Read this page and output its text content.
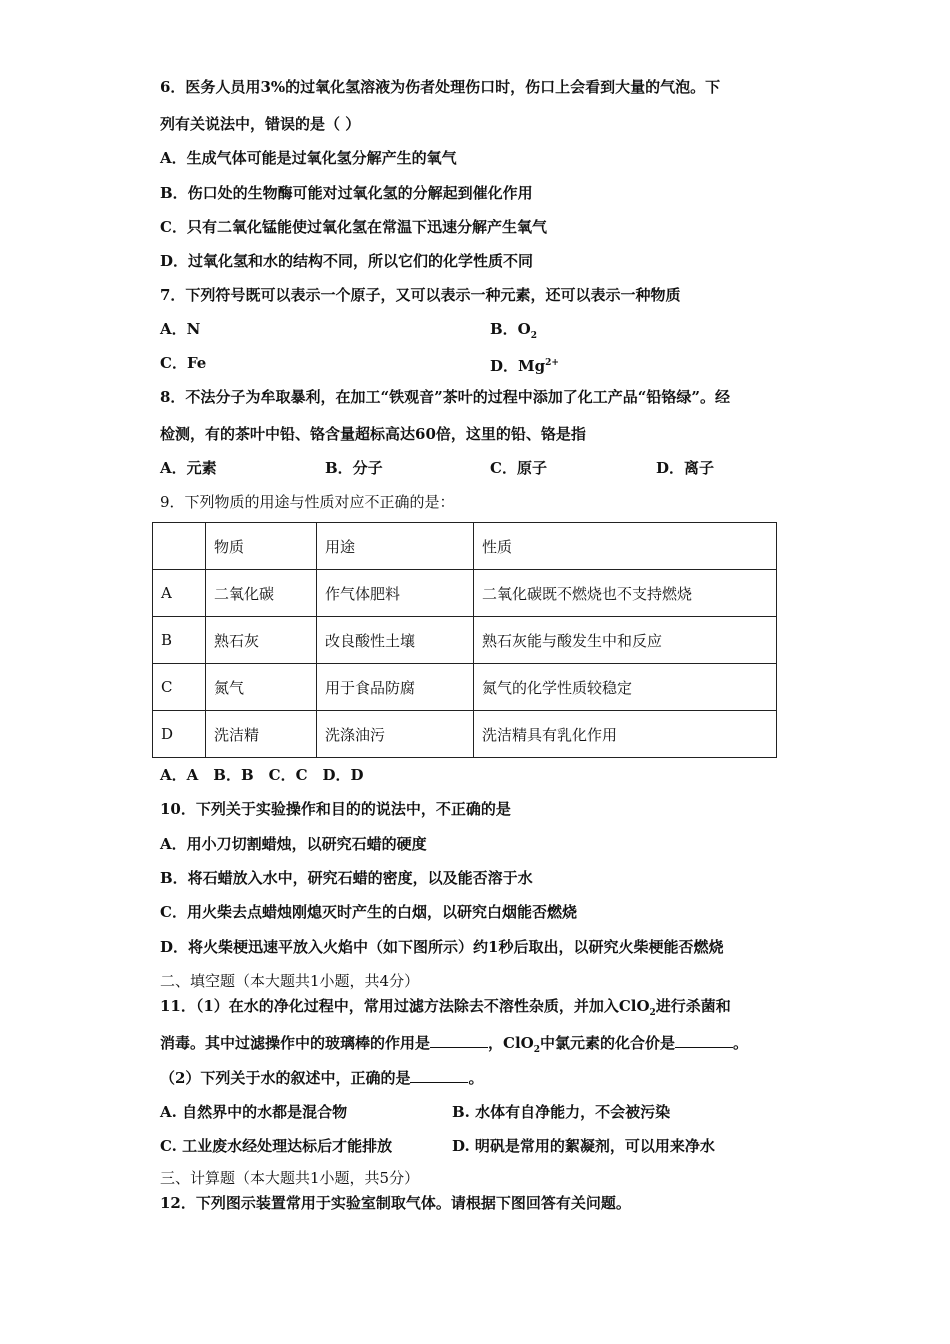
6．医务人员用3%的过氧化氢溶液为伤者处理伤口时，伤口上会看到大量的气泡。下
列有关说法中，错误的是（ ）
A．生成气体可能是过氧化氢分解产生的氧气
B．伤口处的生物酶可能对过氧化氢的分解起到催化作用
C．只有二氧化锰能使过氧化氢在常温下迅速分解产生氧气
D．过氧化氢和水的结构不同，所以它们的化学性质不同
7．下列符号既可以表示一个原子，又可以表示一种元素，还可以表示一种物质
A．N	B．$O_2$
C．Fe	D．$Mg^{2+}$
8．不法分子为牟取暴利，在加工“铁观音”茶叶的过程中添加了化工产品“铅铬绿”。经
检测，有的茶叶中铅、铬含量超标高达60倍，这里的铅、铬是指
A．元素	B．分子	C．原子	D．离子
9．下列物质的用途与性质对应不正确的是：
	物质	用途	性质
A	二氧化碳	作气体肥料	二氧化碳既不燃烧也不支持燃烧
B	熟石灰	改良酸性土壤	熟石灰能与酸发生中和反应
C	氮气	用于食品防腐	氮气的化学性质较稳定
D	洗洁精	洗涤油污	洗洁精具有乳化作用
A．A　B．B　C．C　D．D
10．下列关于实验操作和目的的说法中，不正确的是
A．用小刀切割蜡烛，以研究石蜡的硬度
B．将石蜡放入水中，研究石蜡的密度，以及能否溶于水
C．用火柴去点蜡烛刚熄灭时产生的白烟，以研究白烟能否燃烧
D．将火柴梗迅速平放入火焰中（如下图所示）约1秒后取出，以研究火柴梗能否燃烧
二、填空题（本大题共1小题，共4分）
11．（1）在水的净化过程中，常用过滤方法除去不溶性杂质，并加入ClO$_2$进行杀菌和
消毒。其中过滤操作中的玻璃棒的作用是	，ClO$_2$中氯元素的化合价是	。
（2）下列关于水的叙述中，正确的是	。
A. 自然界中的水都是混合物	B. 水体有自净能力，不会被污染
C. 工业废水经处理达标后才能排放	D. 明矾是常用的絮凝剂，可以用来净水
三、计算题（本大题共1小题，共5分）
12．下列图示装置常用于实验室制取气体。请根据下图回答有关问题。
